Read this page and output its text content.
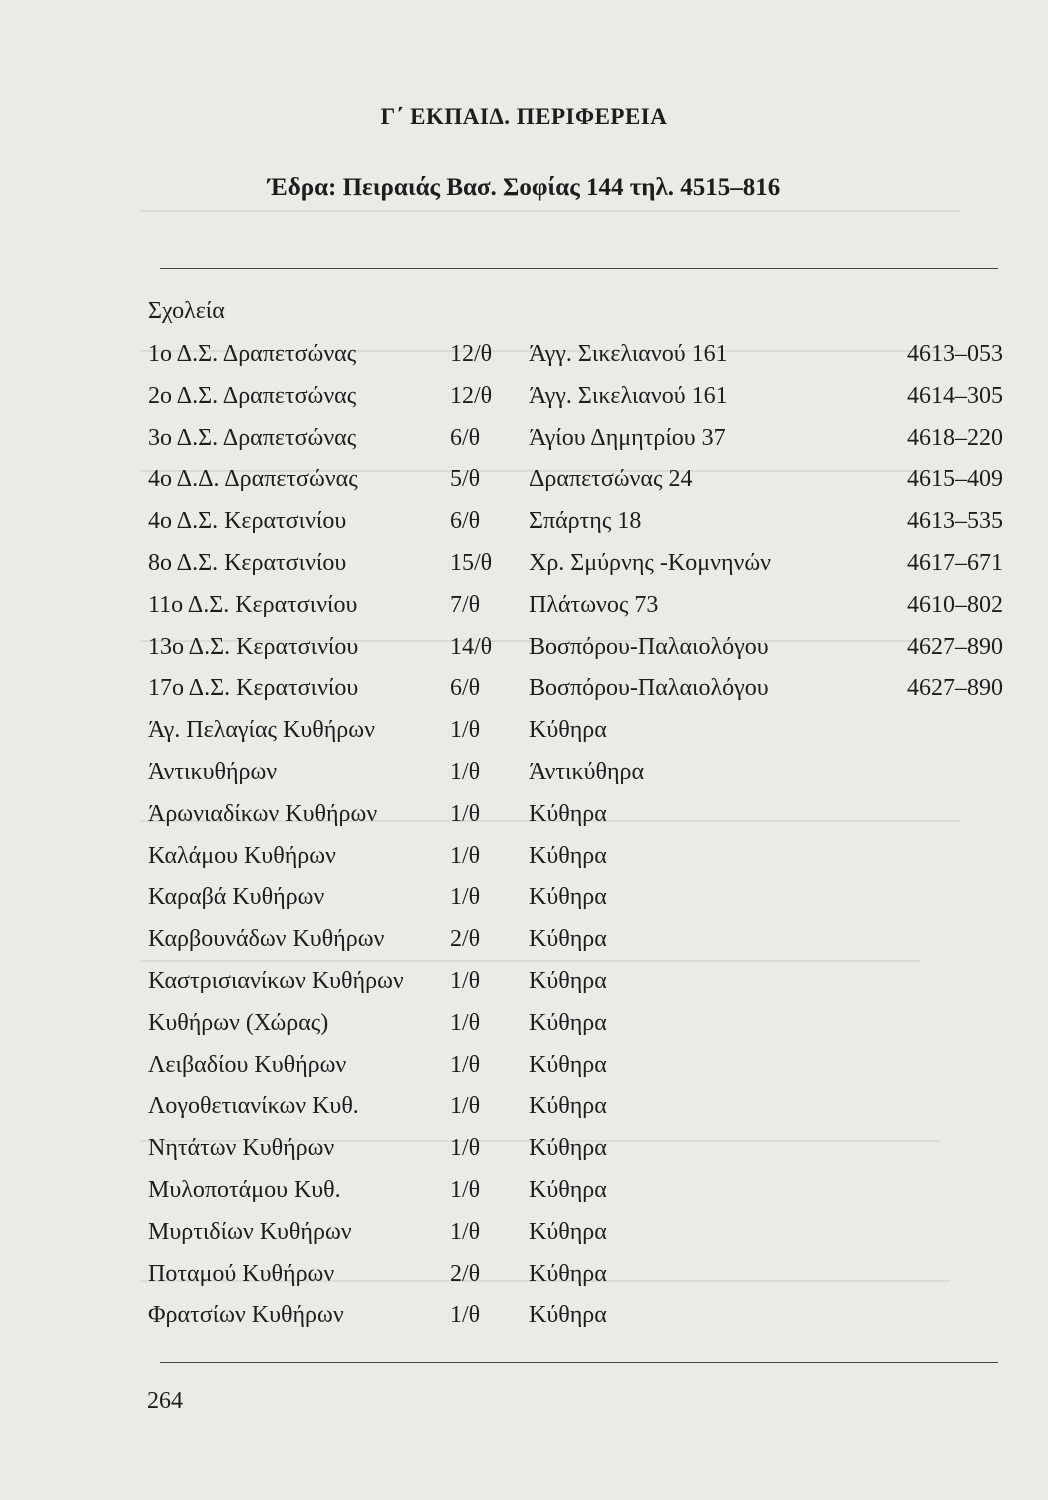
Γ΄ ΕΚΠΑΙΔ. ΠΕΡΙΦΕΡΕΙΑ
Έδρα: Πειραιάς Βασ. Σοφίας 144 τηλ. 4515–816
Σχολεία
1ο Δ.Σ. Δραπετσώνας	12/θ Άγγ. Σικελιανού 161	4613–053
2ο Δ.Σ. Δραπετσώνας	12/θ Άγγ. Σικελιανού 161	4614–305
3ο Δ.Σ. Δραπετσώνας	6/θ Άγίου Δημητρίου 37	4618–220
4ο Δ.Δ. Δραπετσώνας	5/θ Δραπετσώνας 24	4615–409
4ο Δ.Σ. Κερατσινίου	6/θ Σπάρτης 18	4613–535
8ο Δ.Σ. Κερατσινίου	15/θ Χρ. Σμύρνης -Κομνηνών	4617–671
11ο Δ.Σ. Κερατσινίου	7/θ Πλάτωνος 73	4610–802
13ο Δ.Σ. Κερατσινίου	14/θ Βοσπόρου-Παλαιολόγου	4627–890
17ο Δ.Σ. Κερατσινίου	6/θ Βοσπόρου-Παλαιολόγου	4627–890
Άγ. Πελαγίας Κυθήρων	1/θ Κύθηρα
Άντικυθήρων	1/θ Άντικύθηρα
Άρωνιαδίκων Κυθήρων	1/θ Κύθηρα
Καλάμου Κυθήρων	1/θ Κύθηρα
Καραβά Κυθήρων	1/θ Κύθηρα
Καρβουνάδων Κυθήρων	2/θ Κύθηρα
Καστρισιανίκων Κυθήρων 1/θ Κύθηρα
Κυθήρων (Χώρας)	1/θ Κύθηρα
Λειβαδίου Κυθήρων	1/θ Κύθηρα
Λογοθετιανίκων Κυθ.	1/θ Κύθηρα
Νητάτων Κυθήρων	1/θ Κύθηρα
Μυλοποτάμου Κυθ.	1/θ Κύθηρα
Μυρτιδίων Κυθήρων	1/θ Κύθηρα
Ποταμού Κυθήρων	2/θ Κύθηρα
Φρατσίων Κυθήρων	1/θ Κύθηρα
264
